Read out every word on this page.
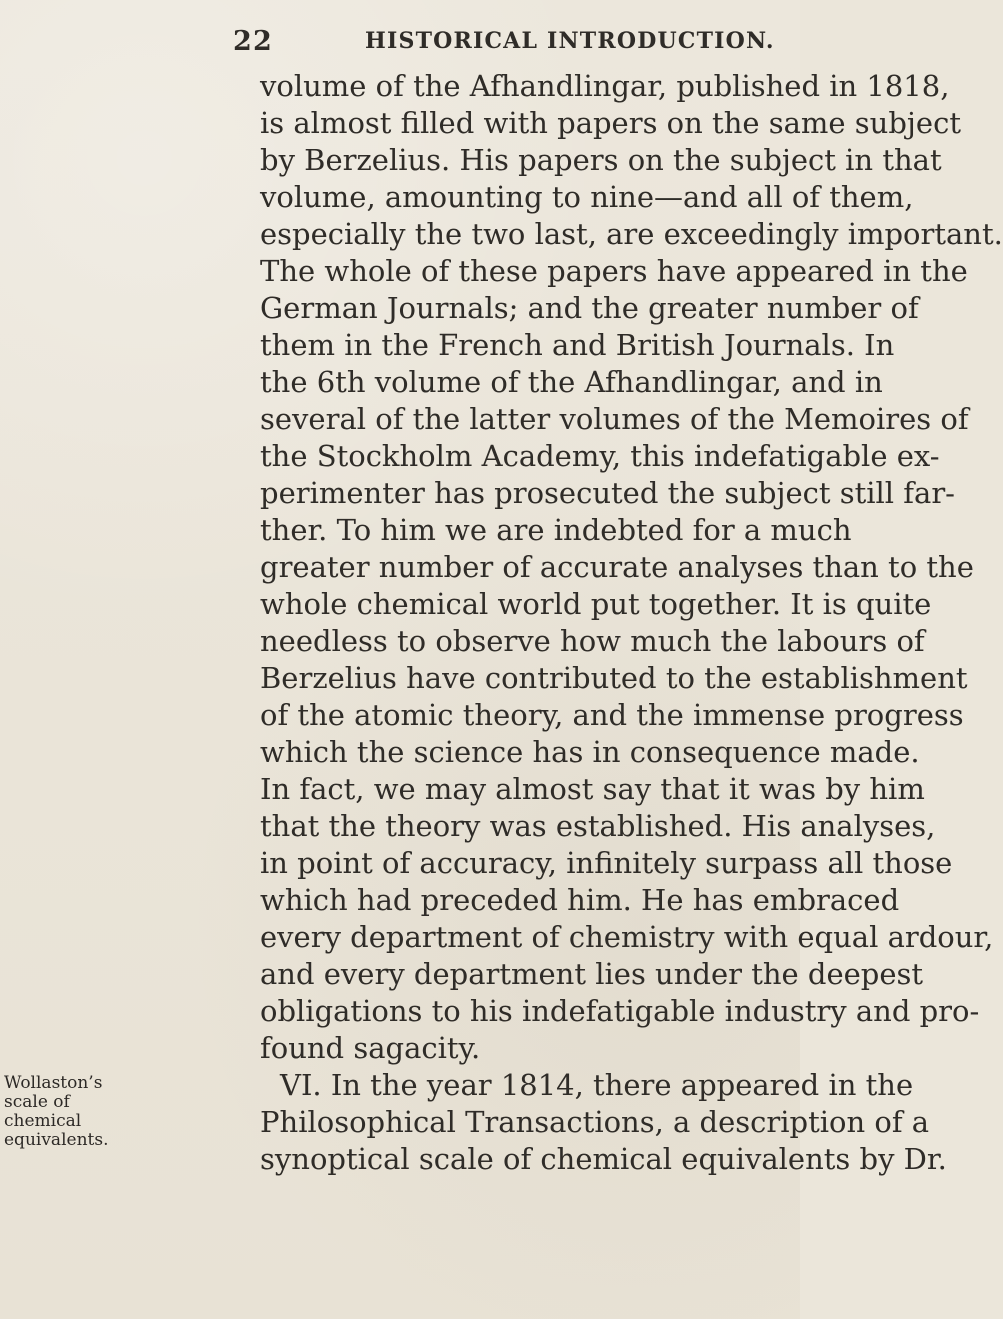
22	HISTORICAL INTRODUCTION.
Wollaston’s
scale of
chemical
equivalents.
volume of the Afhandlingar, published in 1818,
is almost filled with papers on the same subject
by Berzelius. His papers on the subject in that
volume, amounting to nine—and all of them,
especially the two last, are exceedingly important.
The whole of these papers have appeared in the
German Journals; and the greater number of
them in the French and British Journals. In
the 6th volume of the Afhandlingar, and in
several of the latter volumes of the Memoires of
the Stockholm Academy, this indefatigable ex-
perimenter has prosecuted the subject still far-
ther. To him we are indebted for a much
greater number of accurate analyses than to the
whole chemical world put together. It is quite
needless to observe how much the labours of
Berzelius have contributed to the establishment
of the atomic theory, and the immense progress
which the science has in consequence made.
In fact, we may almost say that it was by him
that the theory was established. His analyses,
in point of accuracy, infinitely surpass all those
which had preceded him. He has embraced
every department of chemistry with equal ardour,
and every department lies under the deepest
obligations to his indefatigable industry and pro-
found sagacity.
VI. In the year 1814, there appeared in the
Philosophical Transactions, a description of a
synoptical scale of chemical equivalents by Dr.
